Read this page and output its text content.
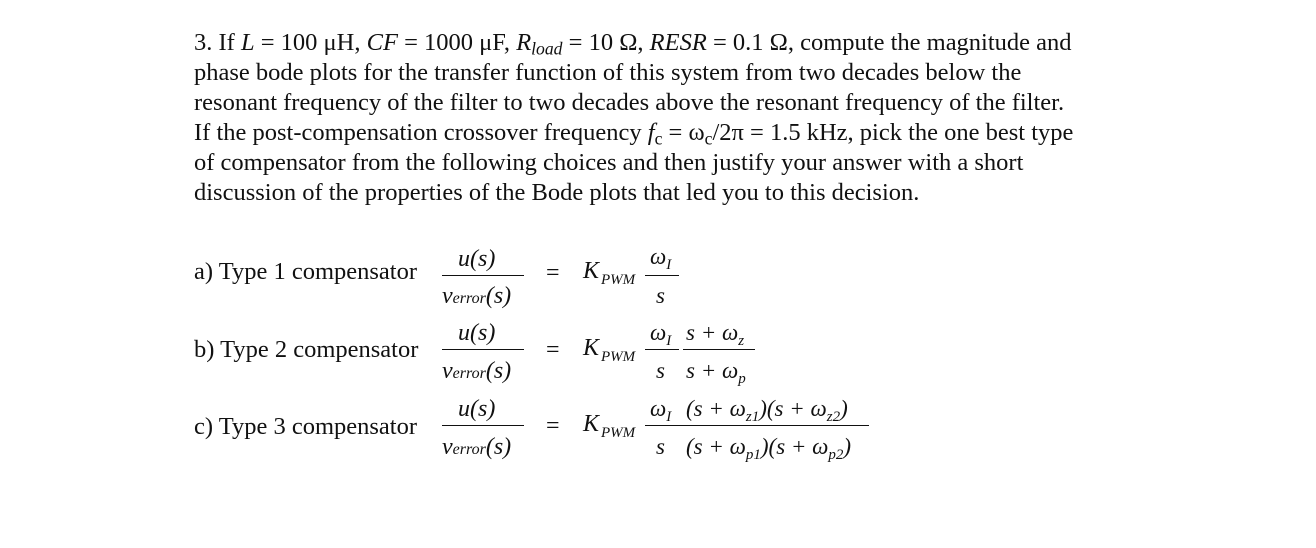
3. If L = 100 μH, CF = 1000 μF, $R_{load} = 10$ Ω, RESR = 0.1 Ω, compute the magnitude and
phase bode plots for the transfer function of this system from two decades below the
resonant frequency of the filter to two decades above the resonant frequency of the filter.
If the post-compensation crossover frequency $f_c = \omega_c/2\pi = 1.5$ kHz, pick the one best type
of compensator from the following choices and then justify your answer with a short
discussion of the properties of the Bode plots that led you to this decision.
a) Type 1 compensator u(s)
verror(s)
= K $_{PWM}$
$\omega_I$
s
b) Type 2 compensator
u(s)
verror(s)
= K $_{PWM}$
$\omega_I$
s
$s + \omega_z$
$s + \omega_p$
c) Type 3 compensator
u(s)
verror(s)
= K $_{PWM}$
$\omega_I$
s
$(s + \omega_{z1})(s + \omega_{z2})$
$(s + \omega_{p1})(s + \omega_{p2})$
